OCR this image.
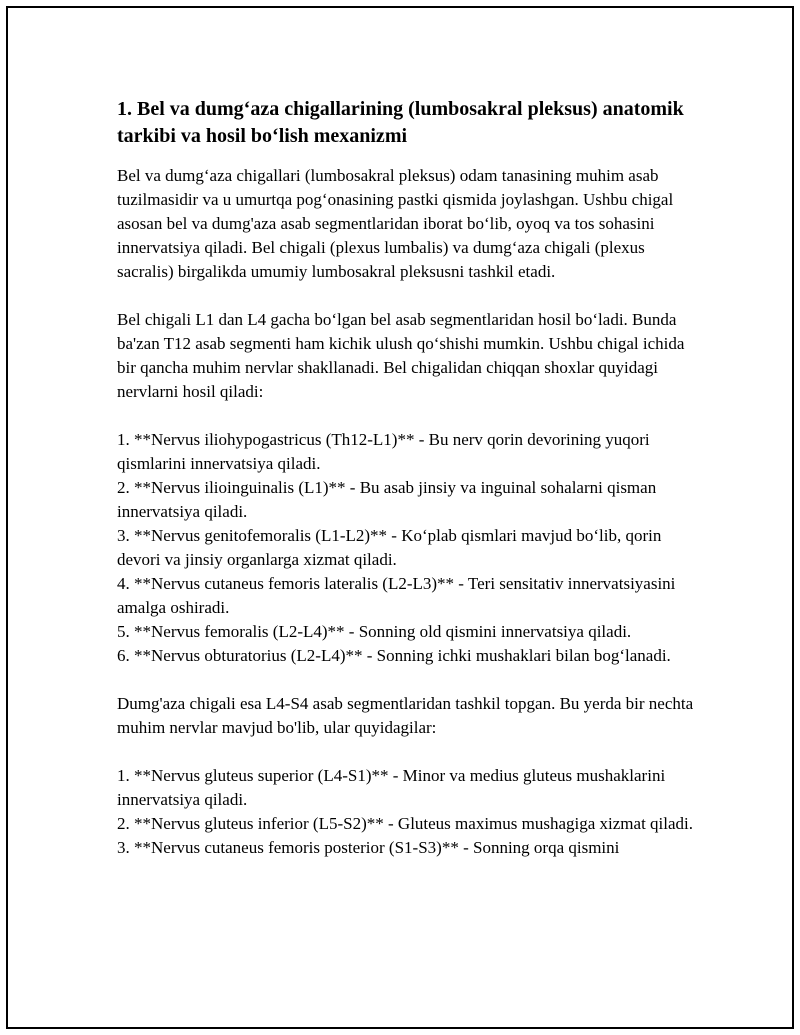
1. Bel va dumg‘aza chigallarining (lumbosakral pleksus) anatomik tarkibi va hosil bo‘lish mexanizmi

Bel va dumg‘aza chigallari (lumbosakral pleksus) odam tanasining muhim asab tuzilmasidir va u umurtqa pog‘onasining pastki qismida joylashgan. Ushbu chigal asosan bel va dumg'aza asab segmentlaridan iborat bo‘lib, oyoq va tos sohasini innervatsiya qiladi. Bel chigali (plexus lumbalis) va dumg‘aza chigali (plexus sacralis) birgalikda umumiy lumbosakral pleksusni tashkil etadi.

Bel chigali L1 dan L4 gacha bo‘lgan bel asab segmentlaridan hosil bo‘ladi. Bunda ba'zan T12 asab segmenti ham kichik ulush qo‘shishi mumkin. Ushbu chigal ichida bir qancha muhim nervlar shakllanadi. Bel chigalidan chiqqan shoxlar quyidagi nervlarni hosil qiladi:

1. **Nervus iliohypogastricus (Th12-L1)** - Bu nerv qorin devorining yuqori qismlarini innervatsiya qiladi.

2. **Nervus ilioinguinalis (L1)** - Bu asab jinsiy va inguinal sohalarni qisman innervatsiya qiladi.

3. **Nervus genitofemoralis (L1-L2)** - Ko‘plab qismlari mavjud bo‘lib, qorin devori va jinsiy organlarga xizmat qiladi.

4. **Nervus cutaneus femoris lateralis (L2-L3)** - Teri sensitativ innervatsiyasini amalga oshiradi.

5. **Nervus femoralis (L2-L4)** - Sonning old qismini innervatsiya qiladi.

6. **Nervus obturatorius (L2-L4)** - Sonning ichki mushaklari bilan bog‘lanadi.

Dumg'aza chigali esa L4-S4 asab segmentlaridan tashkil topgan. Bu yerda bir nechta muhim nervlar mavjud bo'lib, ular quyidagilar:

1. **Nervus gluteus superior (L4-S1)** - Minor va medius gluteus mushaklarini innervatsiya qiladi.

2. **Nervus gluteus inferior (L5-S2)** - Gluteus maximus mushagiga xizmat qiladi.

3. **Nervus cutaneus femoris posterior (S1-S3)** - Sonning orqa qismini
